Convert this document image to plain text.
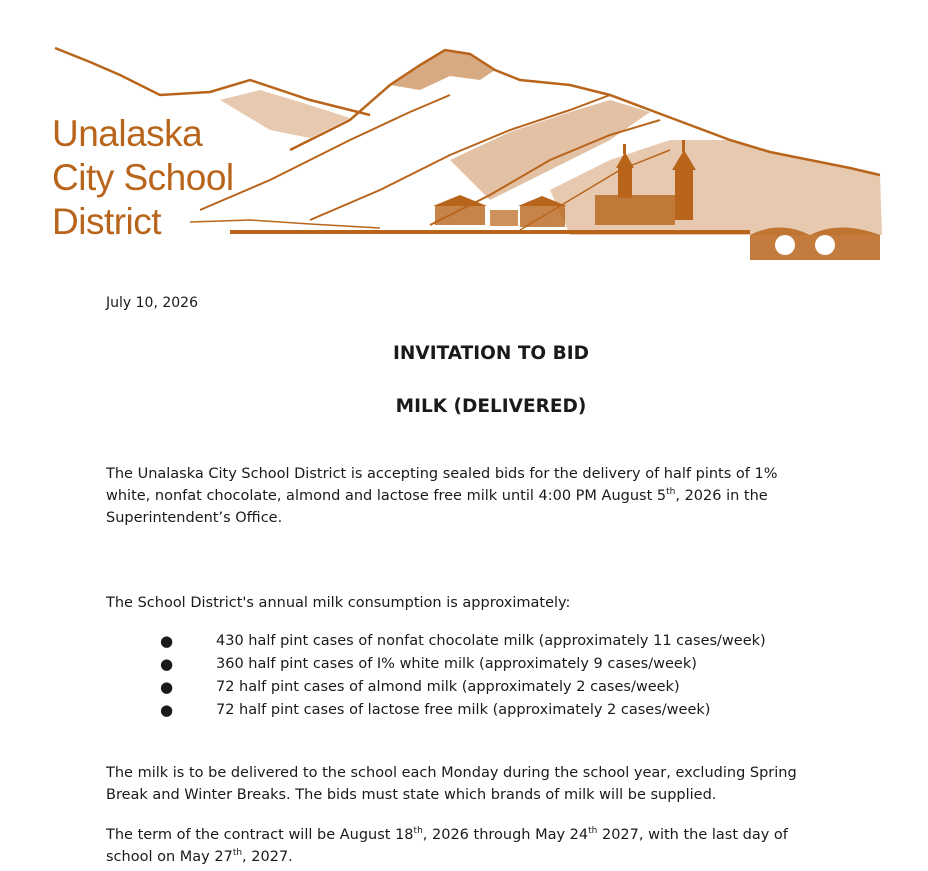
Unalaska
City School
District
July 10, 2026
INVITATION TO BID
MILK (DELIVERED)
The Unalaska City School District is accepting sealed bids for the delivery of half pints of 1%
white, nonfat chocolate, almond and lactose free milk until 4:00 PM August 5th, 2026 in the
Superintendent’s Office.
The School District's annual milk consumption is approximately:
●	430 half pint cases of nonfat chocolate milk (approximately 11 cases/week)
●	360 half pint cases of I% white milk (approximately 9 cases/week)
●	72 half pint cases of almond milk (approximately 2 cases/week)
●	72 half pint cases of lactose free milk (approximately 2 cases/week)
The milk is to be delivered to the school each Monday during the school year, excluding Spring
Break and Winter Breaks. The bids must state which brands of milk will be supplied.
The term of the contract will be August 18th, 2026 through May 24th 2027, with the last day of
school on May 27th, 2027.
